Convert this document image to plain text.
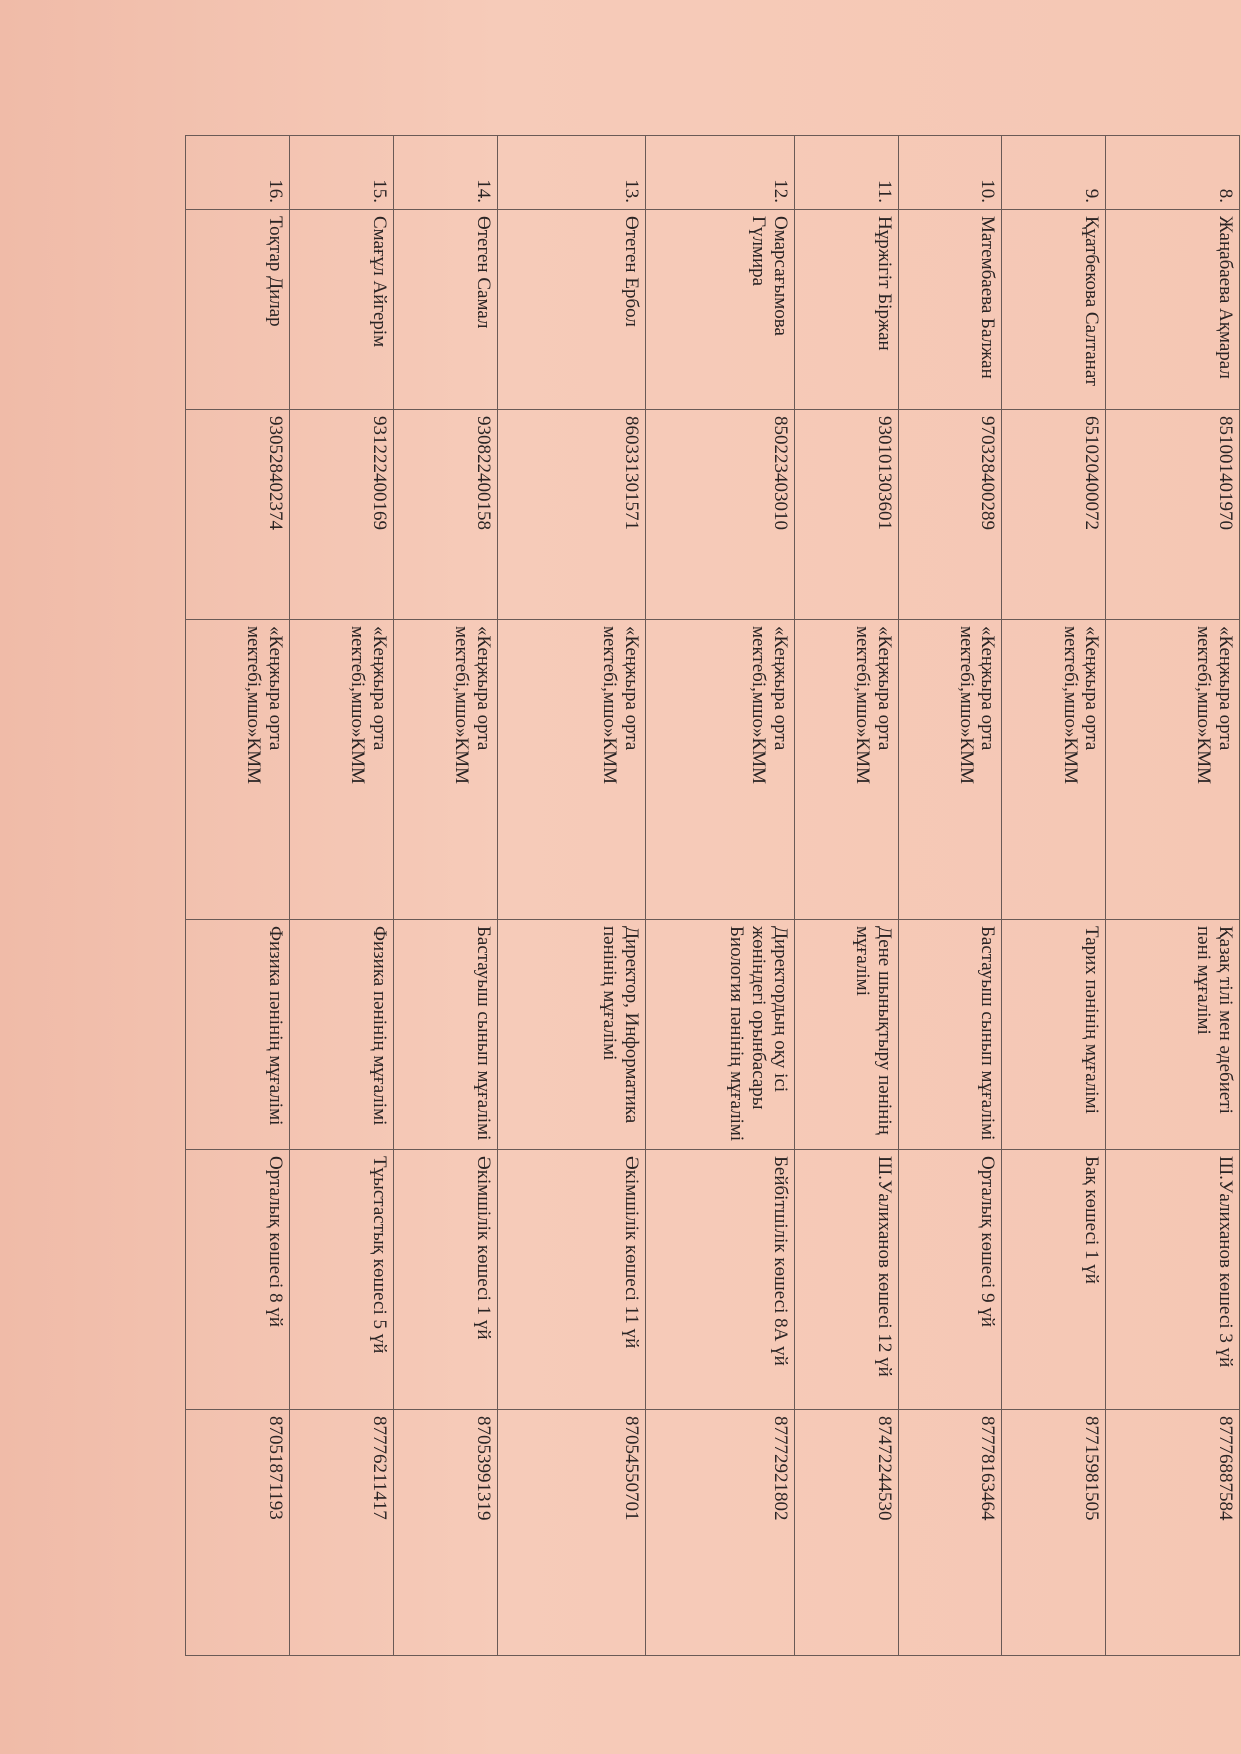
8.	Жаңабаева Ақмарал	851001401970	«Кеңжыра орта мектебі,мшо»КММ	Қазақ тілі мен әдебиеті пәні мұғалімі	Ш.Уалиханов көшесі 3 үй	87776887584
9.	Құатбекова Салтанат	651020400072	«Кеңжыра орта мектебі,мшо»КММ	Тарих пәнінің мұғалімі	Бақ көшесі 1 үй	87715981505
10.	Матембаева Балжан	970328400289	«Кеңжыра орта мектебі,мшо»КММ	Бастауыш сынып мұғалімі	Орталық көшесі 9 үй	87778163464
11.	Нұржігіт Біржан	930101303601	«Кеңжыра орта мектебі,мшо»КММ	Дене шынықтыру пәнінің мұғалімі	Ш.Уалиханов көшесі 12 үй	87472244530
12.	Омарсағымова Гүлмира	850223403010	«Кеңжыра орта мектебі,мшо»КММ	Директордың оқу ісі жөніндегі орынбасары Биология пәнінің мұғалімі	Бейбітшілік көшесі 8А үй	87772921802
13.	Өтеген Ербол	860331301571	«Кеңжыра орта мектебі,мшо»КММ	Директор, Информатика пәнінің мұғалімі	Әкімшілік көшесі 11 үй	87054550701
14.	Өтеген Самал	930822400158	«Кеңжыра орта мектебі,мшо»КММ	Бастауыш сынып мұғалімі	Әкімшілік көшесі 1 үй	87053991319
15.	Смағұл Айгерім	931222400169	«Кеңжыра орта мектебі,мшо»КММ	Физика пәнінің мұғалімі	Тұыстастық көшесі 5 үй	87776211417
16.	Тоқтар Дилар	930528402374	«Кеңжыра орта мектебі,мшо»КММ	Физика пәнінің мұғалімі	Орталық көшесі 8 үй	87051871193
